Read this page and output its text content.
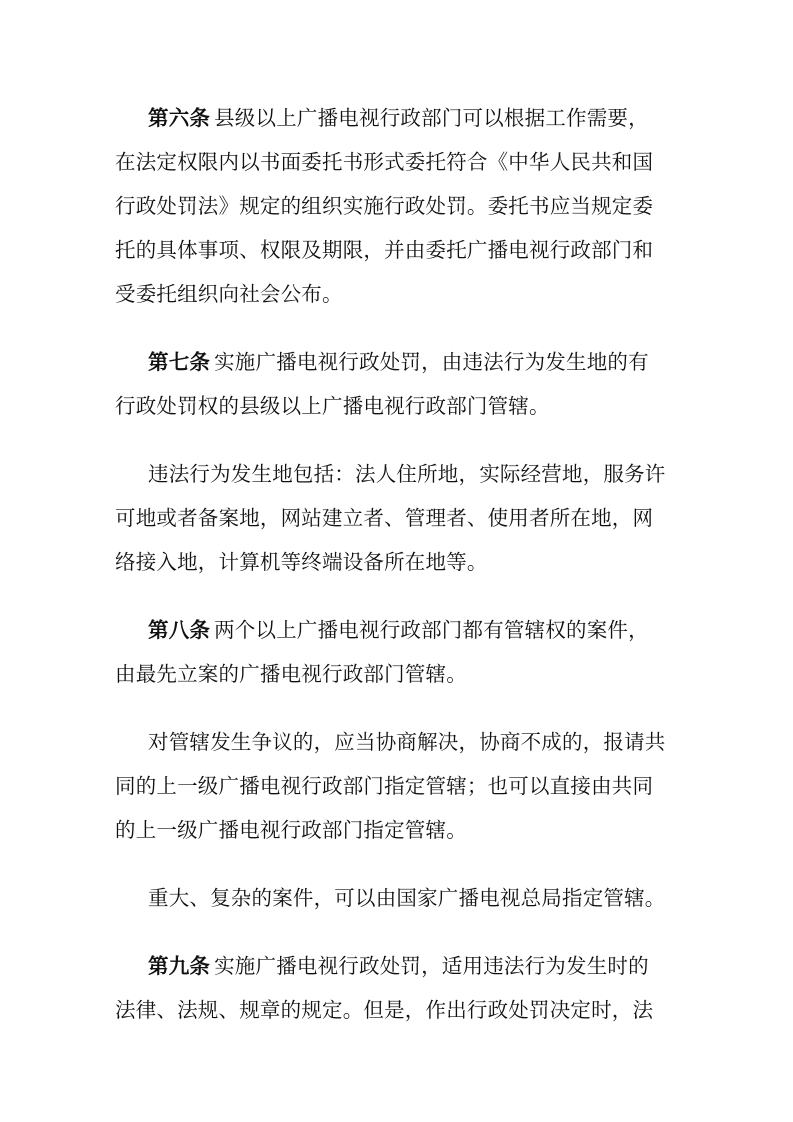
第六条 县级以上广播电视行政部门可以根据工作需要，
在法定权限内以书面委托书形式委托符合《中华人民共和国
行政处罚法》规定的组织实施行政处罚。委托书应当规定委
托的具体事项、权限及期限，并由委托广播电视行政部门和
受委托组织向社会公布。

第七条 实施广播电视行政处罚，由违法行为发生地的有
行政处罚权的县级以上广播电视行政部门管辖。

违法行为发生地包括：法人住所地，实际经营地，服务许
可地或者备案地，网站建立者、管理者、使用者所在地，网
络接入地，计算机等终端设备所在地等。

第八条 两个以上广播电视行政部门都有管辖权的案件，
由最先立案的广播电视行政部门管辖。

对管辖发生争议的，应当协商解决，协商不成的，报请共
同的上一级广播电视行政部门指定管辖；也可以直接由共同
的上一级广播电视行政部门指定管辖。

重大、复杂的案件，可以由国家广播电视总局指定管辖。

第九条 实施广播电视行政处罚，适用违法行为发生时的
法律、法规、规章的规定。但是，作出行政处罚决定时，法
